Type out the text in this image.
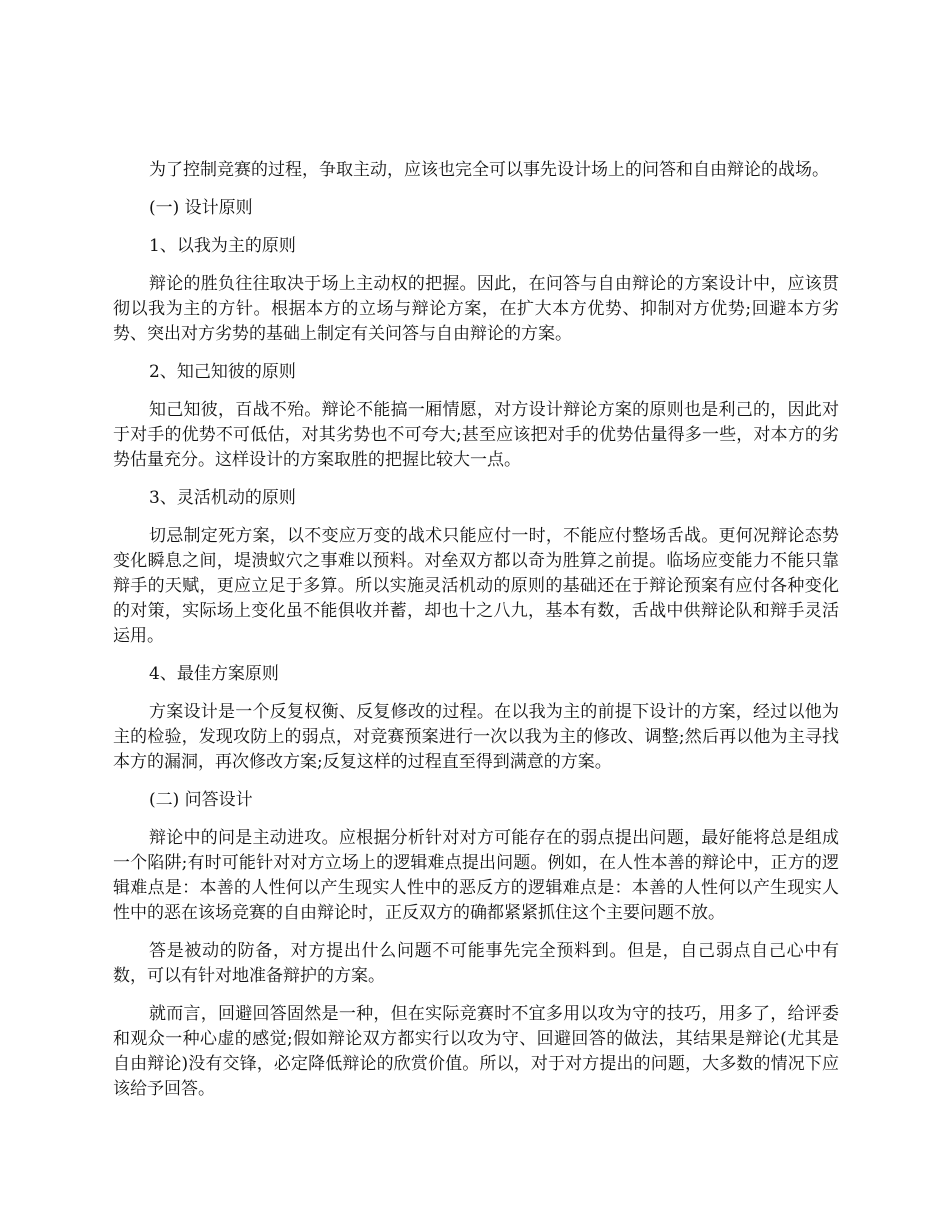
为了控制竞赛的过程，争取主动，应该也完全可以事先设计场上的问答和自由辩论的战场。

(一) 设计原则

1、以我为主的原则

辩论的胜负往往取决于场上主动权的把握。因此，在问答与自由辩论的方案设计中，应该贯彻以我为主的方针。根据本方的立场与辩论方案，在扩大本方优势、抑制对方优势;回避本方劣势、突出对方劣势的基础上制定有关问答与自由辩论的方案。

2、知己知彼的原则

知己知彼，百战不殆。辩论不能搞一厢情愿，对方设计辩论方案的原则也是利己的，因此对于对手的优势不可低估，对其劣势也不可夸大;甚至应该把对手的优势估量得多一些，对本方的劣势估量充分。这样设计的方案取胜的把握比较大一点。

3、灵活机动的原则

切忌制定死方案，以不变应万变的战术只能应付一时，不能应付整场舌战。更何况辩论态势变化瞬息之间，堤溃蚁穴之事难以预料。对垒双方都以奇为胜算之前提。临场应变能力不能只靠辩手的天赋，更应立足于多算。所以实施灵活机动的原则的基础还在于辩论预案有应付各种变化的对策，实际场上变化虽不能俱收并蓄，却也十之八九，基本有数，舌战中供辩论队和辩手灵活运用。

4、最佳方案原则

方案设计是一个反复权衡、反复修改的过程。在以我为主的前提下设计的方案，经过以他为主的检验，发现攻防上的弱点，对竞赛预案进行一次以我为主的修改、调整;然后再以他为主寻找本方的漏洞，再次修改方案;反复这样的过程直至得到满意的方案。

(二) 问答设计

辩论中的问是主动进攻。应根据分析针对对方可能存在的弱点提出问题，最好能将总是组成一个陷阱;有时可能针对对方立场上的逻辑难点提出问题。例如，在人性本善的辩论中，正方的逻辑难点是：本善的人性何以产生现实人性中的恶反方的逻辑难点是：本善的人性何以产生现实人性中的恶在该场竞赛的自由辩论时，正反双方的确都紧紧抓住这个主要问题不放。

答是被动的防备，对方提出什么问题不可能事先完全预料到。但是，自己弱点自己心中有数，可以有针对地准备辩护的方案。

就而言，回避回答固然是一种，但在实际竞赛时不宜多用以攻为守的技巧，用多了，给评委和观众一种心虚的感觉;假如辩论双方都实行以攻为守、回避回答的做法，其结果是辩论(尤其是自由辩论)没有交锋，必定降低辩论的欣赏价值。所以，对于对方提出的问题，大多数的情况下应该给予回答。
